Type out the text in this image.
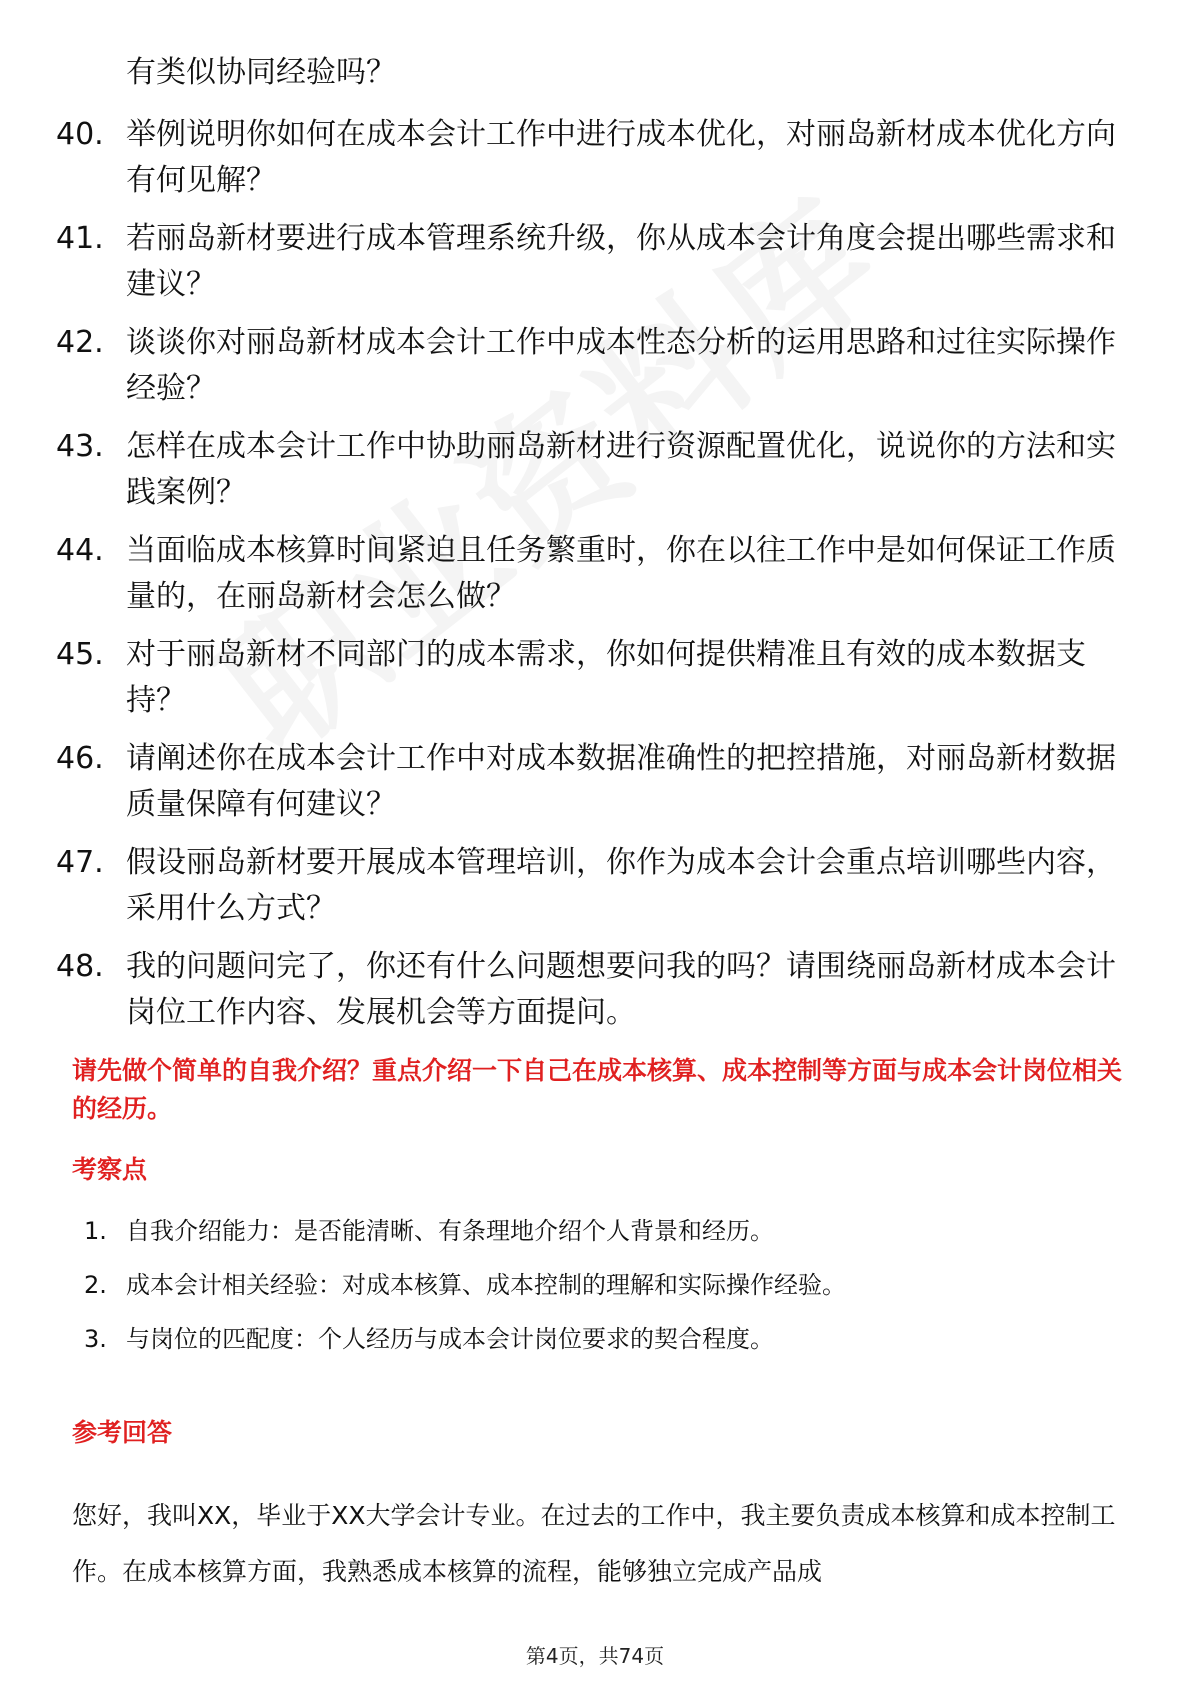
有类似协同经验吗？
40. 举例说明你如何在成本会计工作中进行成本优化，对丽岛新材成本优化方向有何见解？
41. 若丽岛新材要进行成本管理系统升级，你从成本会计角度会提出哪些需求和建议？
42. 谈谈你对丽岛新材成本会计工作中成本性态分析的运用思路和过往实际操作经验？
43. 怎样在成本会计工作中协助丽岛新材进行资源配置优化，说说你的方法和实践案例？
44. 当面临成本核算时间紧迫且任务繁重时，你在以往工作中是如何保证工作质量的，在丽岛新材会怎么做？
45. 对于丽岛新材不同部门的成本需求，你如何提供精准且有效的成本数据支持？
46. 请阐述你在成本会计工作中对成本数据准确性的把控措施，对丽岛新材数据质量保障有何建议？
47. 假设丽岛新材要开展成本管理培训，你作为成本会计会重点培训哪些内容，采用什么方式？
48. 我的问题问完了，你还有什么问题想要问我的吗？请围绕丽岛新材成本会计岗位工作内容、发展机会等方面提问。
请先做个简单的自我介绍？重点介绍一下自己在成本核算、成本控制等方面与成本会计岗位相关的经历。
考察点
1. 自我介绍能力：是否能清晰、有条理地介绍个人背景和经历。
2. 成本会计相关经验：对成本核算、成本控制的理解和实际操作经验。
3. 与岗位的匹配度：个人经历与成本会计岗位要求的契合程度。
参考回答
您好，我叫XX，毕业于XX大学会计专业。在过去的工作中，我主要负责成本核算和成本控制工作。在成本核算方面，我熟悉成本核算的流程，能够独立完成产品成
第4页，共74页
